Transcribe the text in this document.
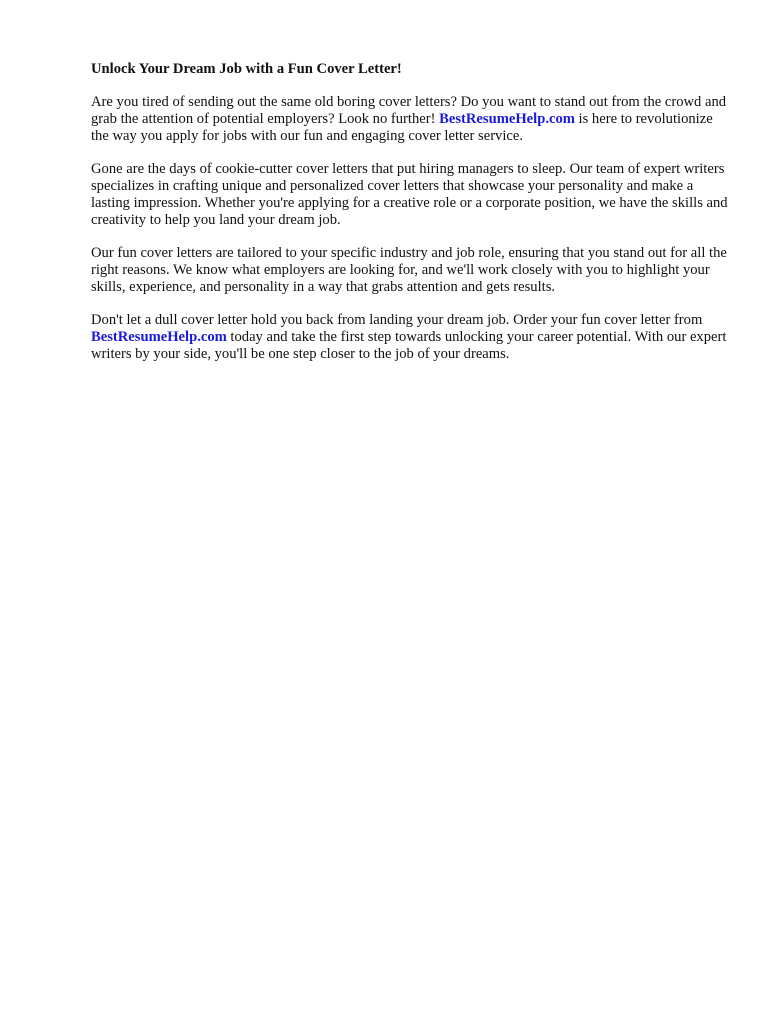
Unlock Your Dream Job with a Fun Cover Letter!

Are you tired of sending out the same old boring cover letters? Do you want to stand out from the crowd and grab the attention of potential employers? Look no further! BestResumeHelp.com is here to revolutionize the way you apply for jobs with our fun and engaging cover letter service.

Gone are the days of cookie-cutter cover letters that put hiring managers to sleep. Our team of expert writers specializes in crafting unique and personalized cover letters that showcase your personality and make a lasting impression. Whether you're applying for a creative role or a corporate position, we have the skills and creativity to help you land your dream job.

Our fun cover letters are tailored to your specific industry and job role, ensuring that you stand out for all the right reasons. We know what employers are looking for, and we'll work closely with you to highlight your skills, experience, and personality in a way that grabs attention and gets results.

Don't let a dull cover letter hold you back from landing your dream job. Order your fun cover letter from BestResumeHelp.com today and take the first step towards unlocking your career potential. With our expert writers by your side, you'll be one step closer to the job of your dreams.
